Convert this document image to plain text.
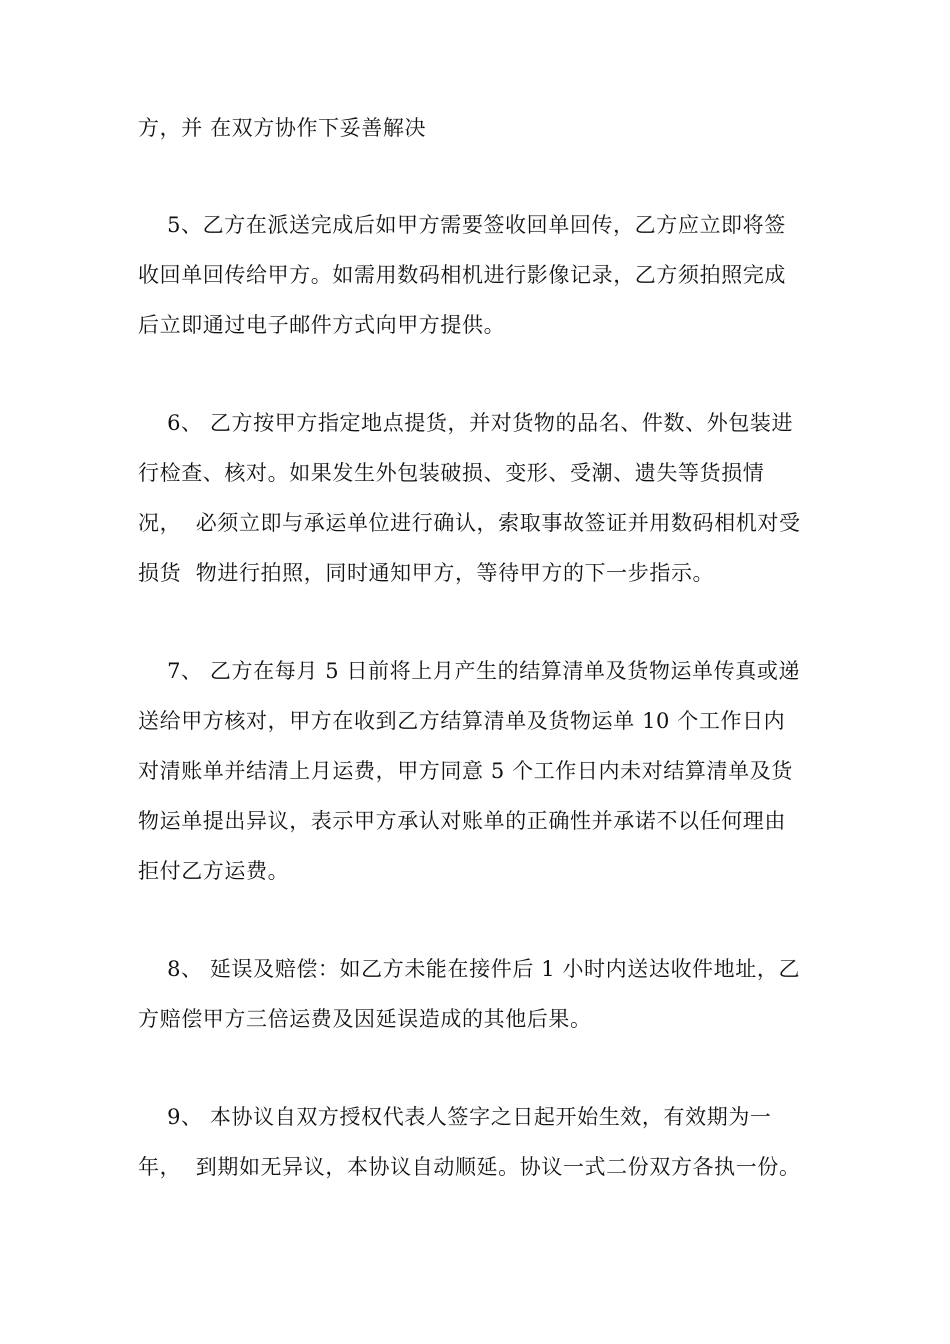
方，并 在双方协作下妥善解决
5、乙方在派送完成后如甲方需要签收回单回传，乙方应立即将签
收回单回传给甲方。如需用数码相机进行影像记录，乙方须拍照完成
后立即通过电子邮件方式向甲方提供。
6、 乙方按甲方指定地点提货，并对货物的品名、件数、外包装进
行检查、核对。如果发生外包装破损、变形、受潮、遗失等货损情
况，  必须立即与承运单位进行确认，索取事故签证并用数码相机对受
损货  物进行拍照，同时通知甲方，等待甲方的下一步指示。
7、 乙方在每月 5 日前将上月产生的结算清单及货物运单传真或递
送给甲方核对，甲方在收到乙方结算清单及货物运单 10 个工作日内
对清账单并结清上月运费，甲方同意 5 个工作日内未对结算清单及货
物运单提出异议，表示甲方承认对账单的正确性并承诺不以任何理由
拒付乙方运费。
8、 延误及赔偿：如乙方未能在接件后 1 小时内送达收件地址，乙
方赔偿甲方三倍运费及因延误造成的其他后果。
9、 本协议自双方授权代表人签字之日起开始生效，有效期为一
年，  到期如无异议，本协议自动顺延。协议一式二份双方各执一份。
